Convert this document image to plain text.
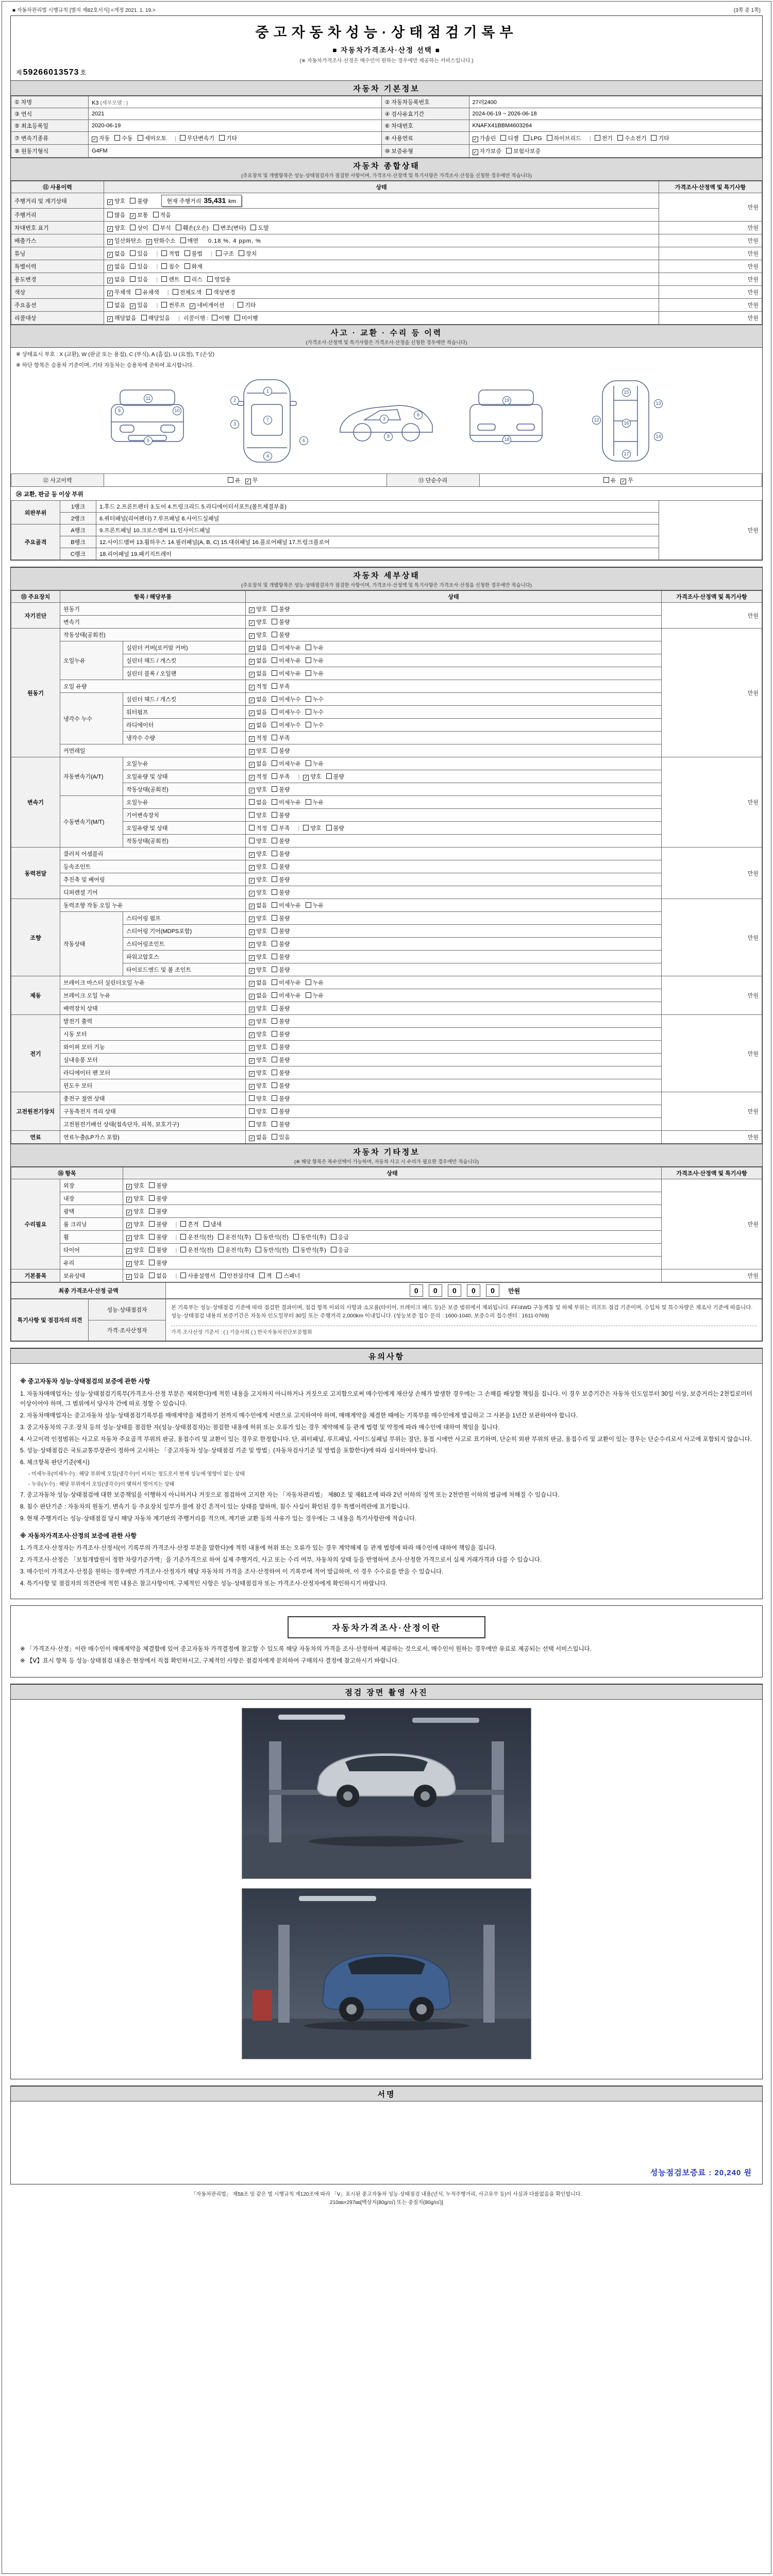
■ 자동차관리법 시행규칙 [별지 제82호서식] <개정 2021. 1. 19.>	(3쪽 중 1쪽)
중고자동차성능·상태점검기록부
■ 자동차가격조사·산정 선택 ■
(※ 자동차가격조사·산정은 매수인이 원하는 경우에만 제공하는 서비스입니다.)
제 59266013573 호
자동차 기본정보
① 차명	K3 (세부모델 : )	② 자동차등록번호	27러2400
③ 연식	2021	④ 검사유효기간	2024-06-19 ~ 2026-06-18
⑤ 최초등록일	2020-06-19	⑥ 차대번호	KNAFX41BBM4603264
⑦ 변속기종류	✓자동 수동 세미오토 | 무단변속기 기타	⑧ 사용연료	✓가솔린 디젤 LPG 하이브리드 | 전기 수소전기 기타
⑨ 원동기형식	G4FM	⑩ 보증유형	✓자가보증 보험사보증
자동차 종합상태
(주요장치 및 개별항목은 성능·상태점검자가 점검한 사항이며, 가격조사·산정액 및 특기사항은 가격조사·산정을 신청한 경우에만 적습니다)
⑪ 사용이력	상태	가격조사·산정액 및 특기사항
주행거리 및 계기상태	✓양호 불량 현재 주행거리 35,431 km	만원
주행거리	많음 ✓ 보통 적음
차대번호 표기	✓양호 상이 부식 훼손(오손) 변조(변타) 도말	만원
배출가스	✓일산화탄소 ✓ 탄화수소 매연 0.18 %, 4 ppm, %	만원
튜닝	✓없음 있음 | 적법 불법 | 구조 장치	만원
특별이력	✓없음 있음 | 침수 화재	만원
용도변경	✓없음 있음 | 렌트 리스 영업용	만원
색상	✓무채색 유채색 | 전체도색 색상변경	만원
주요옵션	없음 ✓ 있음 | 썬루프 ✓ 네비게이션 | 기타	만원
리콜대상	✓해당없음 해당있음 | 리콜이행 : 이행 미이행	만원
사고 · 교환 · 수리 등 이력
(가격조사·산정액 및 특기사항은 가격조사·산정을 신청한 경우에만 적습니다)
※ 상태표시 부호 : X (교환), W (판금 또는 용접), C (부식), A (흠집), U (요철), T (손상)
※ 하단 항목은 승용차 기준이며, 기타 자동차는 승용차에 준하여 표시합니다.
5
9	10
11
1
2
3
7
6
4
3
6
8
18
19
12
13
14
15
16
17
⑫ 사고이력	유 ✓ 무	⑬ 단순수리	유 ✓ 무
⑭ 교환, 판금 등 이상 부위
외판부위	1랭크	1.후드 2.프론트펜더 3.도어 4.트렁크리드 5.라디에이터서포트(볼트체결부품)	만원
	2랭크	6.쿼터패널(리어펜더) 7.루프패널 8.사이드실패널	
주요골격	A랭크	9.프론트패널 10.크로스멤버 11.인사이드패널	
	B랭크	12.사이드멤버 13.휠하우스 14.필러패널(A, B, C) 15.대쉬패널 16.플로어패널 17.트렁크플로어	
	C랭크	18.리어패널 19.패키지트레이	
자동차 세부상태
(주요장치 및 개별항목은 성능·상태점검자가 점검한 사항이며, 가격조사·산정액 및 특기사항은 가격조사·산정을 신청한 경우에만 적습니다)
⑮ 주요장치	항목 / 해당부품		상태	가격조사·산정액 및 특기사항
자기진단	원동기	✓양호 불량	만원
	변속기	✓양호 불량
원동기	작동상태(공회전)	✓양호 불량	만원
	오일누유	실린더 커버(로커암 커버)	✓없음 미세누유 누유
		실린더 헤드 / 개스킷	✓없음 미세누유 누유
		실린더 블록 / 오일팬	✓없음 미세누유 누유
	오일 유량	✓적정 부족
	냉각수 누수	실린더 헤드 / 개스킷	✓없음 미세누수 누수
		워터펌프	✓없음 미세누수 누수
		라디에이터	✓없음 미세누수 누수
		냉각수 수량	✓적정 부족
	커먼레일	✓양호 불량
변속기	자동변속기(A/T)	오일누유	✓없음 미세누유 누유	만원
		오일유량 및 상태	✓적정 부족 | ✓ 양호 불량
		작동상태(공회전)	✓양호 불량
	수동변속기(M/T)	오일누유	없음 미세누유 누유	
		기어변속장치	양호 불량	
		오일유량 및 상태	적정 부족 | 양호 불량	
		작동상태(공회전)	양호 불량	
동력전달	클러치 어셈블리	✓양호 불량	만원
	등속조인트	✓양호 불량
	추진축 및 베어링	✓양호 불량
	디퍼렌셜 기어	✓양호 불량
조향	동력조향 작동 오일 누유	✓없음 미세누유 누유	만원
	작동상태	스티어링 펌프	✓양호 불량
		스티어링 기어(MDPS포함)	✓양호 불량
		스티어링조인트	✓양호 불량
		파워고압호스	✓양호 불량
		타이로드엔드 및 볼 조인트	✓양호 불량
제동	브레이크 마스터 실린더오일 누유	✓없음 미세누유 누유	만원
	브레이크 오일 누유	✓없음 미세누유 누유
	배력장치 상태	✓양호 불량
전기	발전기 출력	✓양호 불량	만원
	시동 모터	✓양호 불량
	와이퍼 모터 기능	✓양호 불량
	실내송풍 모터	✓양호 불량
	라디에이터 팬 모터	✓양호 불량
	윈도우 모터	✓양호 불량
고전원전기장치	충전구 절연 상태		양호 불량	만원
	구동축전지 격리 상태		양호 불량	
	고전원전기배선 상태(접속단자, 피복, 보호기구)		양호 불량	
연료	연료누출(LP가스 포함)	✓없음 있음	만원
자동차 기타정보
(※ 해당 항목은 복수선택이 가능하며, 자동차 사고 시 수리가 필요한 경우에만 적습니다)
⑯ 항목		상태	가격조사·산정액 및 특기사항
수리필요	외장	✓양호 불량	만원
	내장	✓양호 불량
	광택	✓양호 불량
	룸 크리닝	✓양호 불량 | 흔적 냄새
	휠	✓양호 불량 | 운전석(전) 운전석(후) 동반석(전) 동반석(후) 응급
	타이어	✓양호 불량 | 운전석(전) 운전석(후) 동반석(전) 동반석(후) 응급
	유리	✓양호 불량
기본품목	보유상태	✓있음 없음 | 사용설명서 안전삼각대 잭 스패너	만원
최종 가격조사·산정 금액	0 0 0 0 0 만원
특기사항 및 점검자의 의견	성능·상태점검자	본 기록부는 성능·상태점검 기준에 따라 점검한 결과이며, 점검 항목 이외의 사항과 소모품(타이어, 브레이크 패드 등)은 보증 범위에서 제외됩니다. FF/4WD 구동계통 및 하체 부위는 리프트 점검 기준이며, 수입차 및 특수차량은 제조사 기준에 따릅니다. 성능·상태점검 내용의 보증기간은 자동차 인도일부터 30일 또는 주행거리 2,000km 이내입니다. (성능보증 접수 문의 : 1600-1040, 보증수리 접수센터 : 1611-0769)
가격·조사산정 기준서 : ( ) 기술사회 ( ) 한국자동차진단보증협회

가격·조사산정자
유의사항
※ 중고자동차 성능·상태점검의 보증에 관한 사항
1. 자동차매매업자는 성능·상태점검기록부(가격조사·산정 부분은 제외한다)에 적힌 내용을 고지하지 아니하거나 거짓으로 고지함으로써 매수인에게 재산상 손해가 발생한 경우에는 그 손해를 배상할 책임을 집니다. 이 경우 보증기간은 자동차 인도일부터 30일 이상, 보증거리는 2천킬로미터 이상이어야 하며, 그 범위에서 당사자 간에 따로 정할 수 있습니다.
2. 자동차매매업자는 중고자동차 성능·상태점검기록부를 매매계약을 체결하기 전까지 매수인에게 서면으로 고지하여야 하며, 매매계약을 체결한 때에는 기록부를 매수인에게 발급하고 그 사본을 1년간 보관하여야 합니다.
3. 중고자동차의 구조·장치 등의 성능·상태를 점검한 자(성능·상태점검자)는 점검한 내용에 허위 또는 오류가 있는 경우 계약해제 등 관계 법령 및 약정에 따라 매수인에 대하여 책임을 집니다.
4. 사고이력 인정범위는 사고로 자동차 주요골격 부위의 판금, 용접수리 및 교환이 있는 경우로 한정합니다. 단, 쿼터패널, 루프패널, 사이드실패널 부위는 절단, 용접 시에만 사고로 표기하며, 단순히 외판 부위의 판금, 용접수리 및 교환이 있는 경우는 단순수리로서 사고에 포함되지 않습니다.
5. 성능·상태점검은 국토교통부장관이 정하여 고시하는 「중고자동차 성능·상태점검 기준 및 방법」(자동차검사기준 및 방법을 포함한다)에 따라 실시하여야 합니다.
6. 체크항목 판단기준(예시)
- 미세누유(미세누수) : 해당 부위에 오일(냉각수)이 비치는 정도로서 현재 성능에 영향이 없는 상태
- 누유(누수) : 해당 부위에서 오일(냉각수)이 맺혀서 떨어지는 상태
7. 중고자동차 성능·상태점검에 대한 보증책임을 이행하지 아니하거나 거짓으로 점검하여 고지한 자는 「자동차관리법」 제80조 및 제81조에 따라 2년 이하의 징역 또는 2천만원 이하의 벌금에 처해질 수 있습니다.
8. 침수 판단기준 : 자동차의 원동기, 변속기 등 주요장치 일부가 물에 잠긴 흔적이 있는 상태를 말하며, 침수 사실이 확인된 경우 특별이력란에 표기합니다.
9. 현재 주행거리는 성능·상태점검 당시 해당 자동차 계기판의 주행거리를 적으며, 계기판 교환 등의 사유가 있는 경우에는 그 내용을 특기사항란에 적습니다.
※ 자동차가격조사·산정의 보증에 관한 사항
1. 가격조사·산정자는 가격조사·산정서(이 기록부의 가격조사·산정 부분을 말한다)에 적힌 내용에 허위 또는 오류가 있는 경우 계약해제 등 관계 법령에 따라 매수인에 대하여 책임을 집니다.
2. 가격조사·산정은 「보험개발원이 정한 차량기준가액」을 기준가격으로 하여 실제 주행거리, 사고 또는 수리 여부, 자동차의 상태 등을 반영하여 조사·산정한 가격으로서 실제 거래가격과 다를 수 있습니다.
3. 매수인이 가격조사·산정을 원하는 경우에만 가격조사·산정자가 해당 자동차의 가격을 조사·산정하여 이 기록부에 적어 발급하며, 이 경우 수수료를 받을 수 있습니다.
4. 특기사항 및 점검자의 의견란에 적힌 내용은 참고사항이며, 구체적인 사항은 성능·상태점검자 또는 가격조사·산정자에게 확인하시기 바랍니다.
자동차가격조사·산정이란
※ 「가격조사·산정」이란 매수인이 매매계약을 체결함에 있어 중고자동차 가격결정에 참고할 수 있도록 해당 자동차의 가격을 조사·산정하여 제공하는 것으로서, 매수인이 원하는 경우에만 유료로 제공되는 선택 서비스입니다.
※ 【Ⅴ】표시 항목 등 성능·상태점검 내용은 현장에서 직접 확인하시고, 구체적인 사항은 점검자에게 문의하여 구매의사 결정에 참고하시기 바랍니다.
점검 장면 촬영 사진
서명
성능점검보증료 : 20,240 원
「자동차관리법」 제58조 및 같은 법 시행규칙 제120조에 따라 「Ⅴ」표시된 중고자동차 성능·상태점검 내용(년식, 누적주행거리, 사고유무 등)이 사실과 다름없음을 확인합니다.
210㎜×297㎜[백상지(80g/㎡) 또는 중질지(80g/㎡)]
